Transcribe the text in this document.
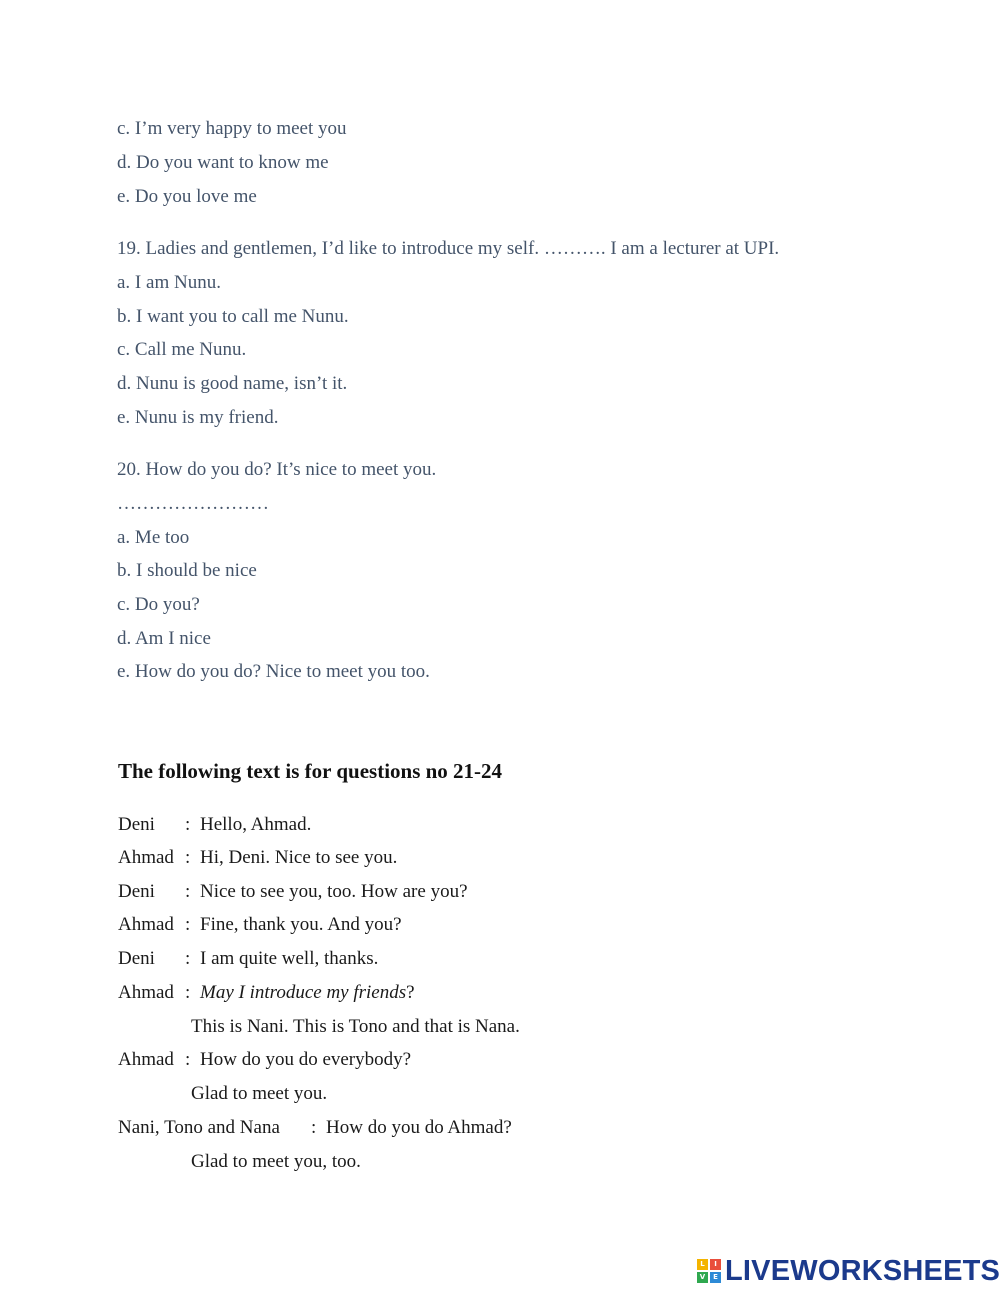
c. I’m very happy to meet you
d. Do you want to know me
e. Do you love me
19. Ladies and gentlemen, I’d like to introduce my self. ………. I am a lecturer at UPI.
a. I am Nunu.
b. I want you to call me Nunu.
c. Call me Nunu.
d. Nunu is good name, isn’t it.
e. Nunu is my friend.
20. How do you do? It’s nice to meet you.
……………………
a. Me too
b. I should be nice
c. Do you?
d. Am I nice
e. How do you do? Nice to meet you too.
The following text is for questions no 21-24
Deni : Hello, Ahmad.
Ahmad : Hi, Deni. Nice to see you.
Deni : Nice to see you, too. How are you?
Ahmad : Fine, thank you. And you?
Deni : I am quite well, thanks.
Ahmad : May I introduce my friends?
This is Nani. This is Tono and that is Nana.
Ahmad : How do you do everybody?
Glad to meet you.
Nani, Tono and Nana : How do you do Ahmad?
Glad to meet you, too.
L	I
V	E LIVEWORKSHEETS
